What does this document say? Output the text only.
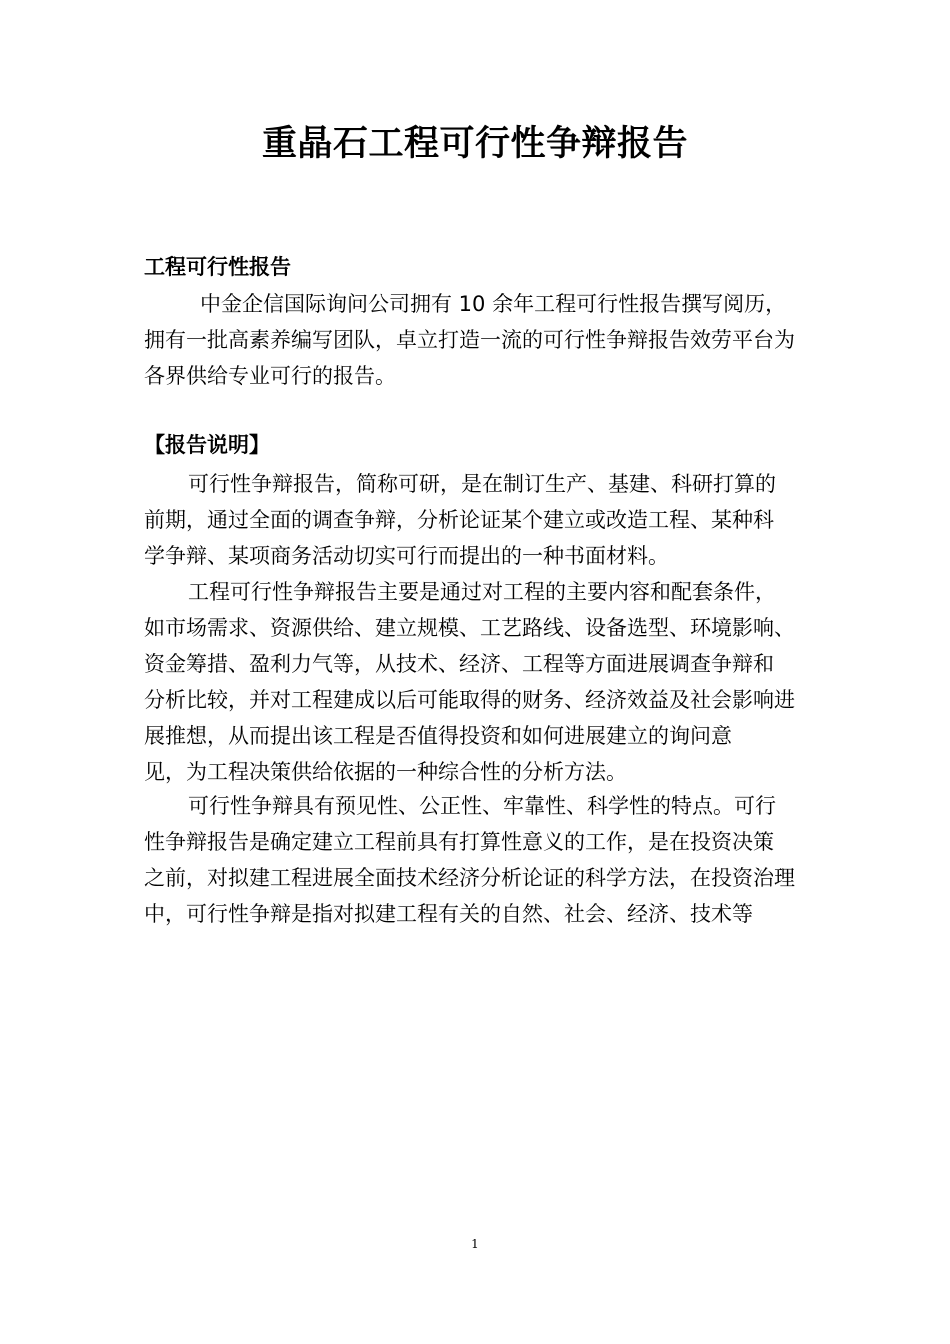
重晶石工程可行性争辩报告
工程可行性报告
中金企信国际询问公司拥有 10 余年工程可行性报告撰写阅历，
拥有一批高素养编写团队，卓立打造一流的可行性争辩报告效劳平台为
各界供给专业可行的报告。
【报告说明】
可行性争辩报告，简称可研，是在制订生产、基建、科研打算的
前期，通过全面的调查争辩，分析论证某个建立或改造工程、某种科
学争辩、某项商务活动切实可行而提出的一种书面材料。
工程可行性争辩报告主要是通过对工程的主要内容和配套条件，
如市场需求、资源供给、建立规模、工艺路线、设备选型、环境影响、
资金筹措、盈利力气等，从技术、经济、工程等方面进展调查争辩和
分析比较，并对工程建成以后可能取得的财务、经济效益及社会影响进
展推想，从而提出该工程是否值得投资和如何进展建立的询问意
见，为工程决策供给依据的一种综合性的分析方法。
可行性争辩具有预见性、公正性、牢靠性、科学性的特点。可行
性争辩报告是确定建立工程前具有打算性意义的工作，是在投资决策
之前，对拟建工程进展全面技术经济分析论证的科学方法，在投资治理
中，可行性争辩是指对拟建工程有关的自然、社会、经济、技术等
1
